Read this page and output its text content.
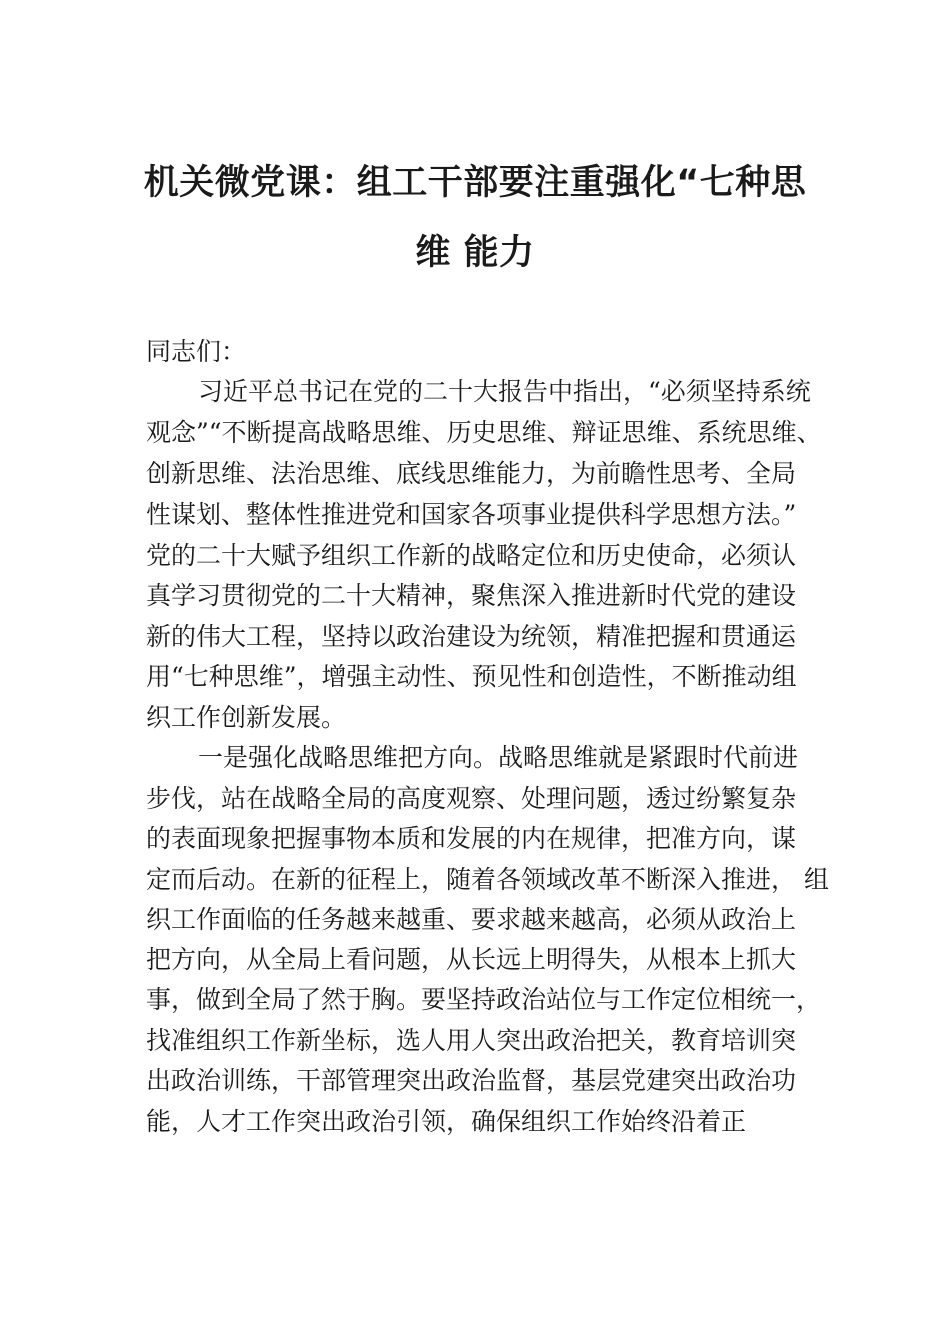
机关微党课：组工干部要注重强化“七种思
维 能力

同志们：

习近平总书记在党的二十大报告中指出，“必须坚持系统

观念”“不断提高战略思维、历史思维、辩证思维、系统思维、

创新思维、法治思维、底线思维能力，为前瞻性思考、全局

性谋划、整体性推进党和国家各项事业提供科学思想方法。”

党的二十大赋予组织工作新的战略定位和历史使命，必须认

真学习贯彻党的二十大精神，聚焦深入推进新时代党的建设

新的伟大工程，坚持以政治建设为统领，精准把握和贯通运

用“七种思维”，增强主动性、预见性和创造性，不断推动组

织工作创新发展。

一是强化战略思维把方向。战略思维就是紧跟时代前进

步伐，站在战略全局的高度观察、处理问题，透过纷繁复杂

的表面现象把握事物本质和发展的内在规律，把准方向，谋

定而后动。在新的征程上，随着各领域改革不断深入推进， 组

织工作面临的任务越来越重、要求越来越高，必须从政治上

把方向，从全局上看问题，从长远上明得失，从根本上抓大

事，做到全局了然于胸。要坚持政治站位与工作定位相统一，

找准组织工作新坐标，选人用人突出政治把关，教育培训突

出政治训练，干部管理突出政治监督，基层党建突出政治功

能，人才工作突出政治引领，确保组织工作始终沿着正
